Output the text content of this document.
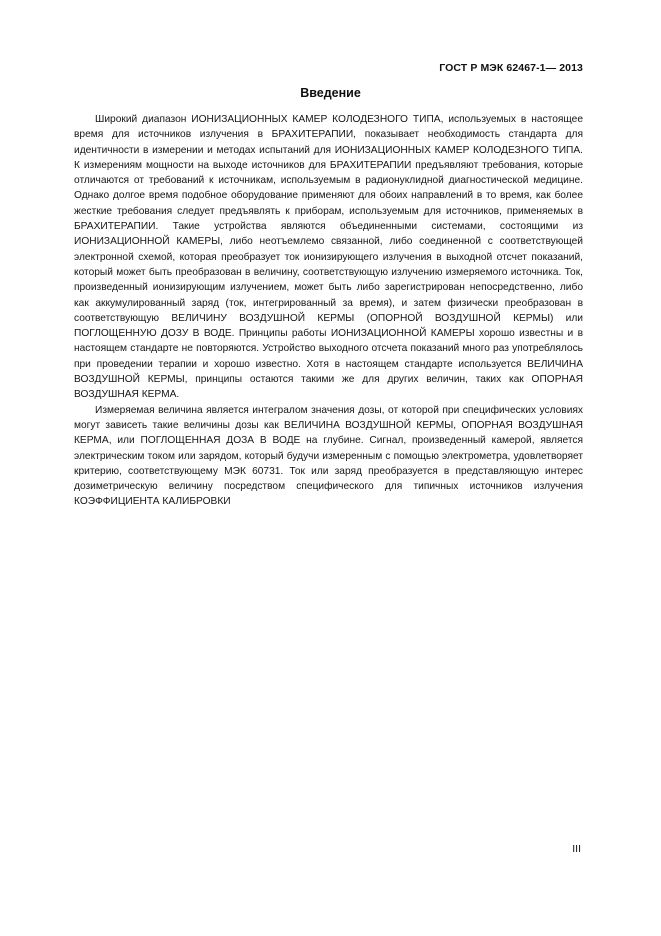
ГОСТ Р МЭК 62467-1— 2013
Введение

Широкий диапазон ИОНИЗАЦИОННЫХ КАМЕР КОЛОДЕЗНОГО ТИПА, используемых в настоящее время для источников излучения в БРАХИТЕРАПИИ, показывает необходимость стандарта для идентичности в измерении и методах испытаний для ИОНИЗАЦИОННЫХ КАМЕР КОЛОДЕЗНОГО ТИПА. К измерениям мощности на выходе источников для БРАХИТЕРАПИИ предъявляют требования, которые отличаются от требований к источникам, используемым в радионуклидной диагностической медицине. Однако долгое время подобное оборудование применяют для обоих направлений в то время, как более жесткие требования следует предъявлять к приборам, используемым для источников, применяемых в БРАХИТЕРАПИИ. Такие устройства являются объединенными системами, состоящими из ИОНИЗАЦИОННОЙ КАМЕРЫ, либо неотъемлемо связанной, либо соединенной с соответствующей электронной схемой, которая преобразует ток ионизирующего излучения в выходной отсчет показаний, который может быть преобразован в величину, соответствующую излучению измеряемого источника. Ток, произведенный ионизирующим излучением, может быть либо зарегистрирован непосредственно, либо как аккумулированный заряд (ток, интегрированный за время), и затем физически преобразован в соответствующую ВЕЛИЧИНУ ВОЗДУШНОЙ КЕРМЫ (ОПОРНОЙ ВОЗДУШНОЙ КЕРМЫ) или ПОГЛОЩЕННУЮ ДОЗУ В ВОДЕ. Принципы работы ИОНИЗАЦИОННОЙ КАМЕРЫ хорошо известны и в настоящем стандарте не повторяются. Устройство выходного отсчета показаний много раз употреблялось при проведении терапии и хорошо известно. Хотя в настоящем стандарте используется ВЕЛИЧИНА ВОЗДУШНОЙ КЕРМЫ, принципы остаются такими же для других величин, таких как ОПОРНАЯ ВОЗДУШНАЯ КЕРМА.

Измеряемая величина является интегралом значения дозы, от которой при специфических условиях могут зависеть такие величины дозы как ВЕЛИЧИНА ВОЗДУШНОЙ КЕРМЫ, ОПОРНАЯ ВОЗДУШНАЯ КЕРМА, или ПОГЛОЩЕННАЯ ДОЗА В ВОДЕ на глубине. Сигнал, произведенный камерой, является электрическим током или зарядом, который будучи измеренным с помощью электрометра, удовлетворяет критерию, соответствующему МЭК 60731. Ток или заряд преобразуется в представляющую интерес дозиметрическую величину посредством специфического для типичных источников излучения КОЭФФИЦИЕНТА КАЛИБРОВКИ

III
